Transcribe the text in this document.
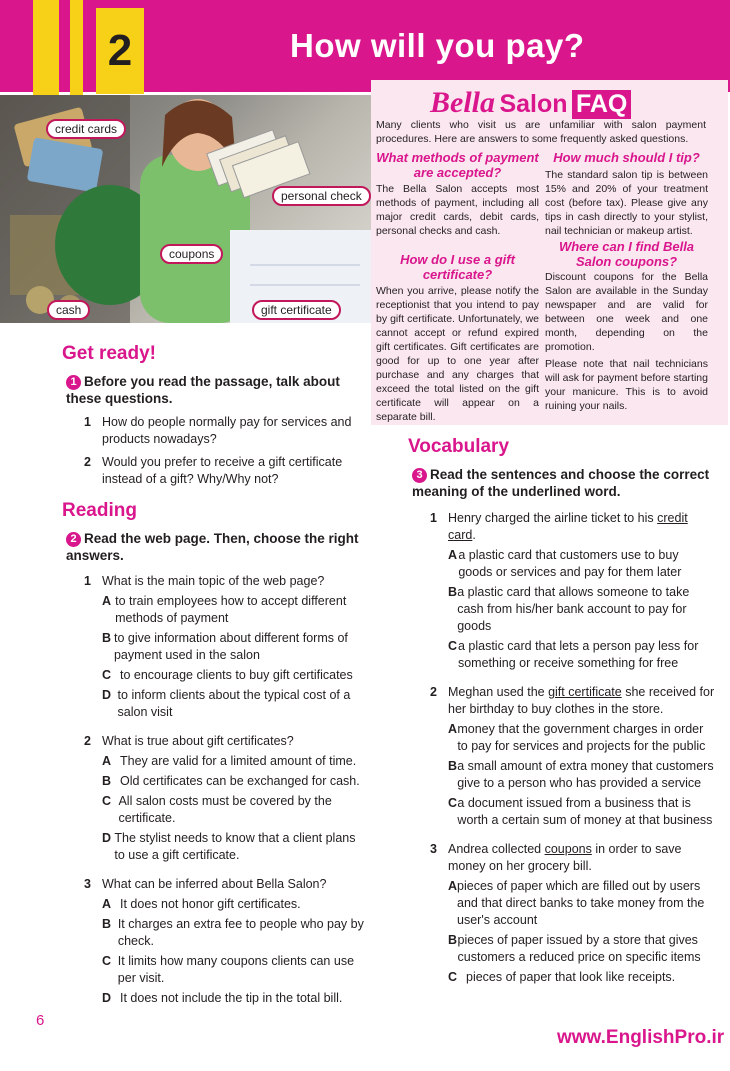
2	How will you pay?
credit cards
personal check
coupons
cash	gift certificate
Bella Salon FAQ
Many clients who visit us are unfamiliar with salon payment procedures. Here are answers to some frequently asked questions.
What methods of payment are accepted?
The Bella Salon accepts most methods of payment, including all major credit cards, debit cards, personal checks and cash.
How do I use a gift certificate?
When you arrive, please notify the receptionist that you intend to pay by gift certificate. Unfortunately, we cannot accept or refund expired gift certificates. Gift certificates are good for up to one year after purchase and any charges that exceed the total listed on the gift certificate will appear on a separate bill.
How much should I tip?
The standard salon tip is between 15% and 20% of your treatment cost (before tax). Please give any tips in cash directly to your stylist, nail technician or makeup artist.
Where can I find Bella Salon coupons?
Discount coupons for the Bella Salon are available in the Sunday newspaper and are valid for between one week and one month, depending on the promotion.
Please note that nail technicians will ask for payment before starting your manicure. This is to avoid ruining your nails.
Get ready!
1 Before you read the passage, talk about these questions.
1 How do people normally pay for services and products nowadays?
2 Would you prefer to receive a gift certificate instead of a gift? Why/Why not?
Reading
2 Read the web page. Then, choose the right answers.
1 What is the main topic of the web page?
A to train employees how to accept different methods of payment
B to give information about different forms of payment used in the salon
C to encourage clients to buy gift certificates
D to inform clients about the typical cost of a salon visit
2 What is true about gift certificates?
A They are valid for a limited amount of time.
B Old certificates can be exchanged for cash.
C All salon costs must be covered by the certificate.
D The stylist needs to know that a client plans to use a gift certificate.
3 What can be inferred about Bella Salon?
A It does not honor gift certificates.
B It charges an extra fee to people who pay by check.
C It limits how many coupons clients can use per visit.
D It does not include the tip in the total bill.
Vocabulary
3 Read the sentences and choose the correct meaning of the underlined word.
1 Henry charged the airline ticket to his credit card.
A a plastic card that customers use to buy goods or services and pay for them later
B a plastic card that allows someone to take cash from his/her bank account to pay for goods
C a plastic card that lets a person pay less for something or receive something for free
2 Meghan used the gift certificate she received for her birthday to buy clothes in the store.
A money that the government charges in order to pay for services and projects for the public
B a small amount of extra money that customers give to a person who has provided a service
C a document issued from a business that is worth a certain sum of money at that business
3 Andrea collected coupons in order to save money on her grocery bill.
A pieces of paper which are filled out by users and that direct banks to take money from the user's account
B pieces of paper issued by a store that gives customers a reduced price on specific items
C pieces of paper that look like receipts.
6
www.EnglishPro.ir
